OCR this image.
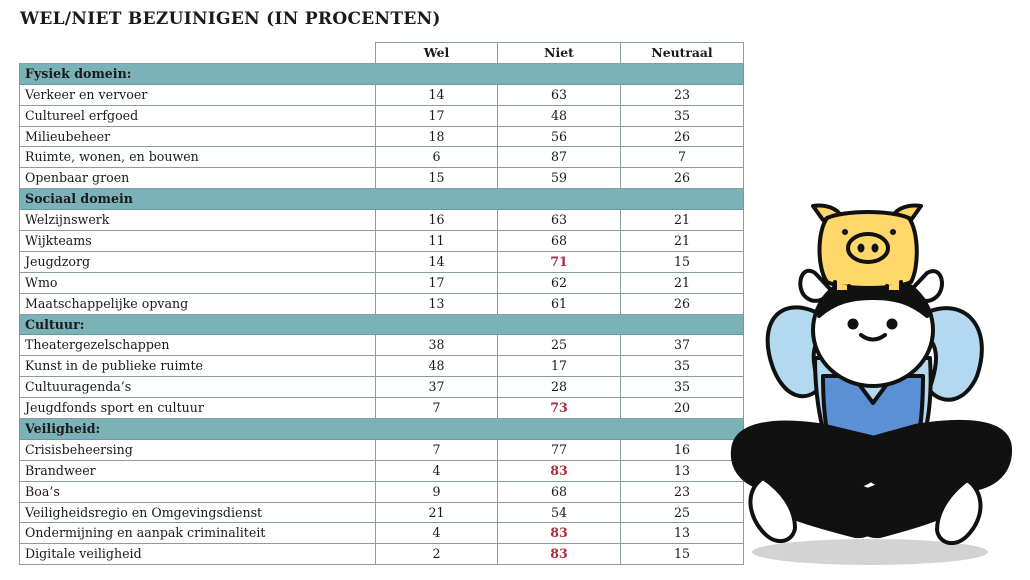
WEL/NIET BEZUINIGEN (IN PROCENTEN)
	Wel	Niet	Neutraal
Fysiek domein:			
Verkeer en vervoer	14	63	23
Cultureel erfgoed	17	48	35
Milieubeheer	18	56	26
Ruimte, wonen, en bouwen	6	87	7
Openbaar groen	15	59	26
Sociaal domein			
Welzijnswerk	16	63	21
Wijkteams	11	68	21
Jeugdzorg	14	71	15
Wmo	17	62	21
Maatschappelijke opvang	13	61	26
Cultuur:			
Theatergezelschappen	38	25	37
Kunst in de publieke ruimte	48	17	35
Cultuuragenda’s	37	28	35
Jeugdfonds sport en cultuur	7	73	20
Veiligheid:			
Crisisbeheersing	7	77	16
Brandweer	4	83	13
Boa’s	9	68	23
Veiligheidsregio en Omgevingsdienst	21	54	25
Ondermijning en aanpak criminaliteit	4	83	13
Digitale veiligheid	2	83	15
